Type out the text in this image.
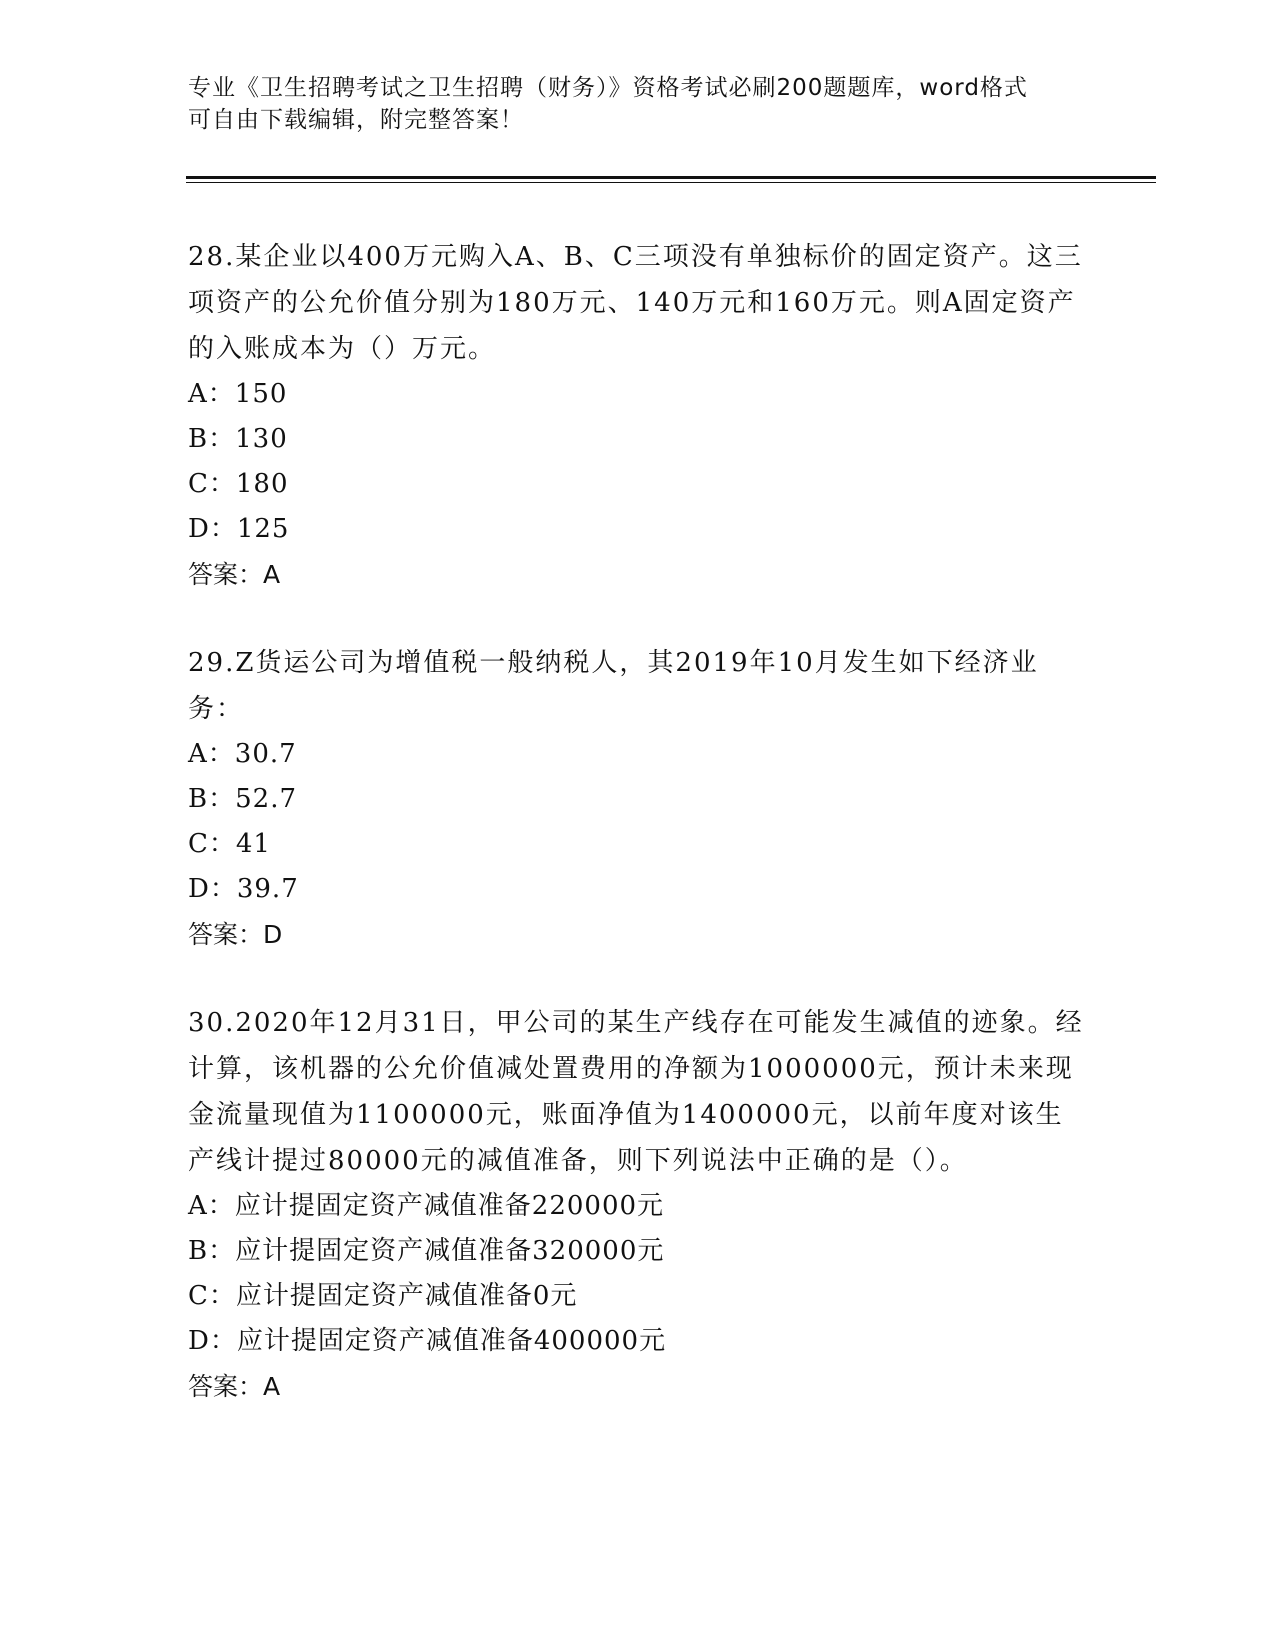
专业《卫生招聘考试之卫生招聘（财务）》资格考试必刷200题题库，word格式
可自由下载编辑，附完整答案！

28.某企业以400万元购入A、B、C三项没有单独标价的固定资产。这三项资产的公允价值分别为180万元、140万元和160万元。则A固定资产的入账成本为（）万元。

A：150

B：130

C：180

D：125

答案：A

29.Z货运公司为增值税一般纳税人，其2019年10月发生如下经济业务：

A：30.7

B：52.7

C：41

D：39.7

答案：D

30.2020年12月31日，甲公司的某生产线存在可能发生减值的迹象。经计算，该机器的公允价值减处置费用的净额为1000000元，预计未来现金流量现值为1100000元，账面净值为1400000元，以前年度对该生产线计提过80000元的减值准备，则下列说法中正确的是（）。

A：应计提固定资产减值准备220000元

B：应计提固定资产减值准备320000元

C：应计提固定资产减值准备0元

D：应计提固定资产减值准备400000元

答案：A
